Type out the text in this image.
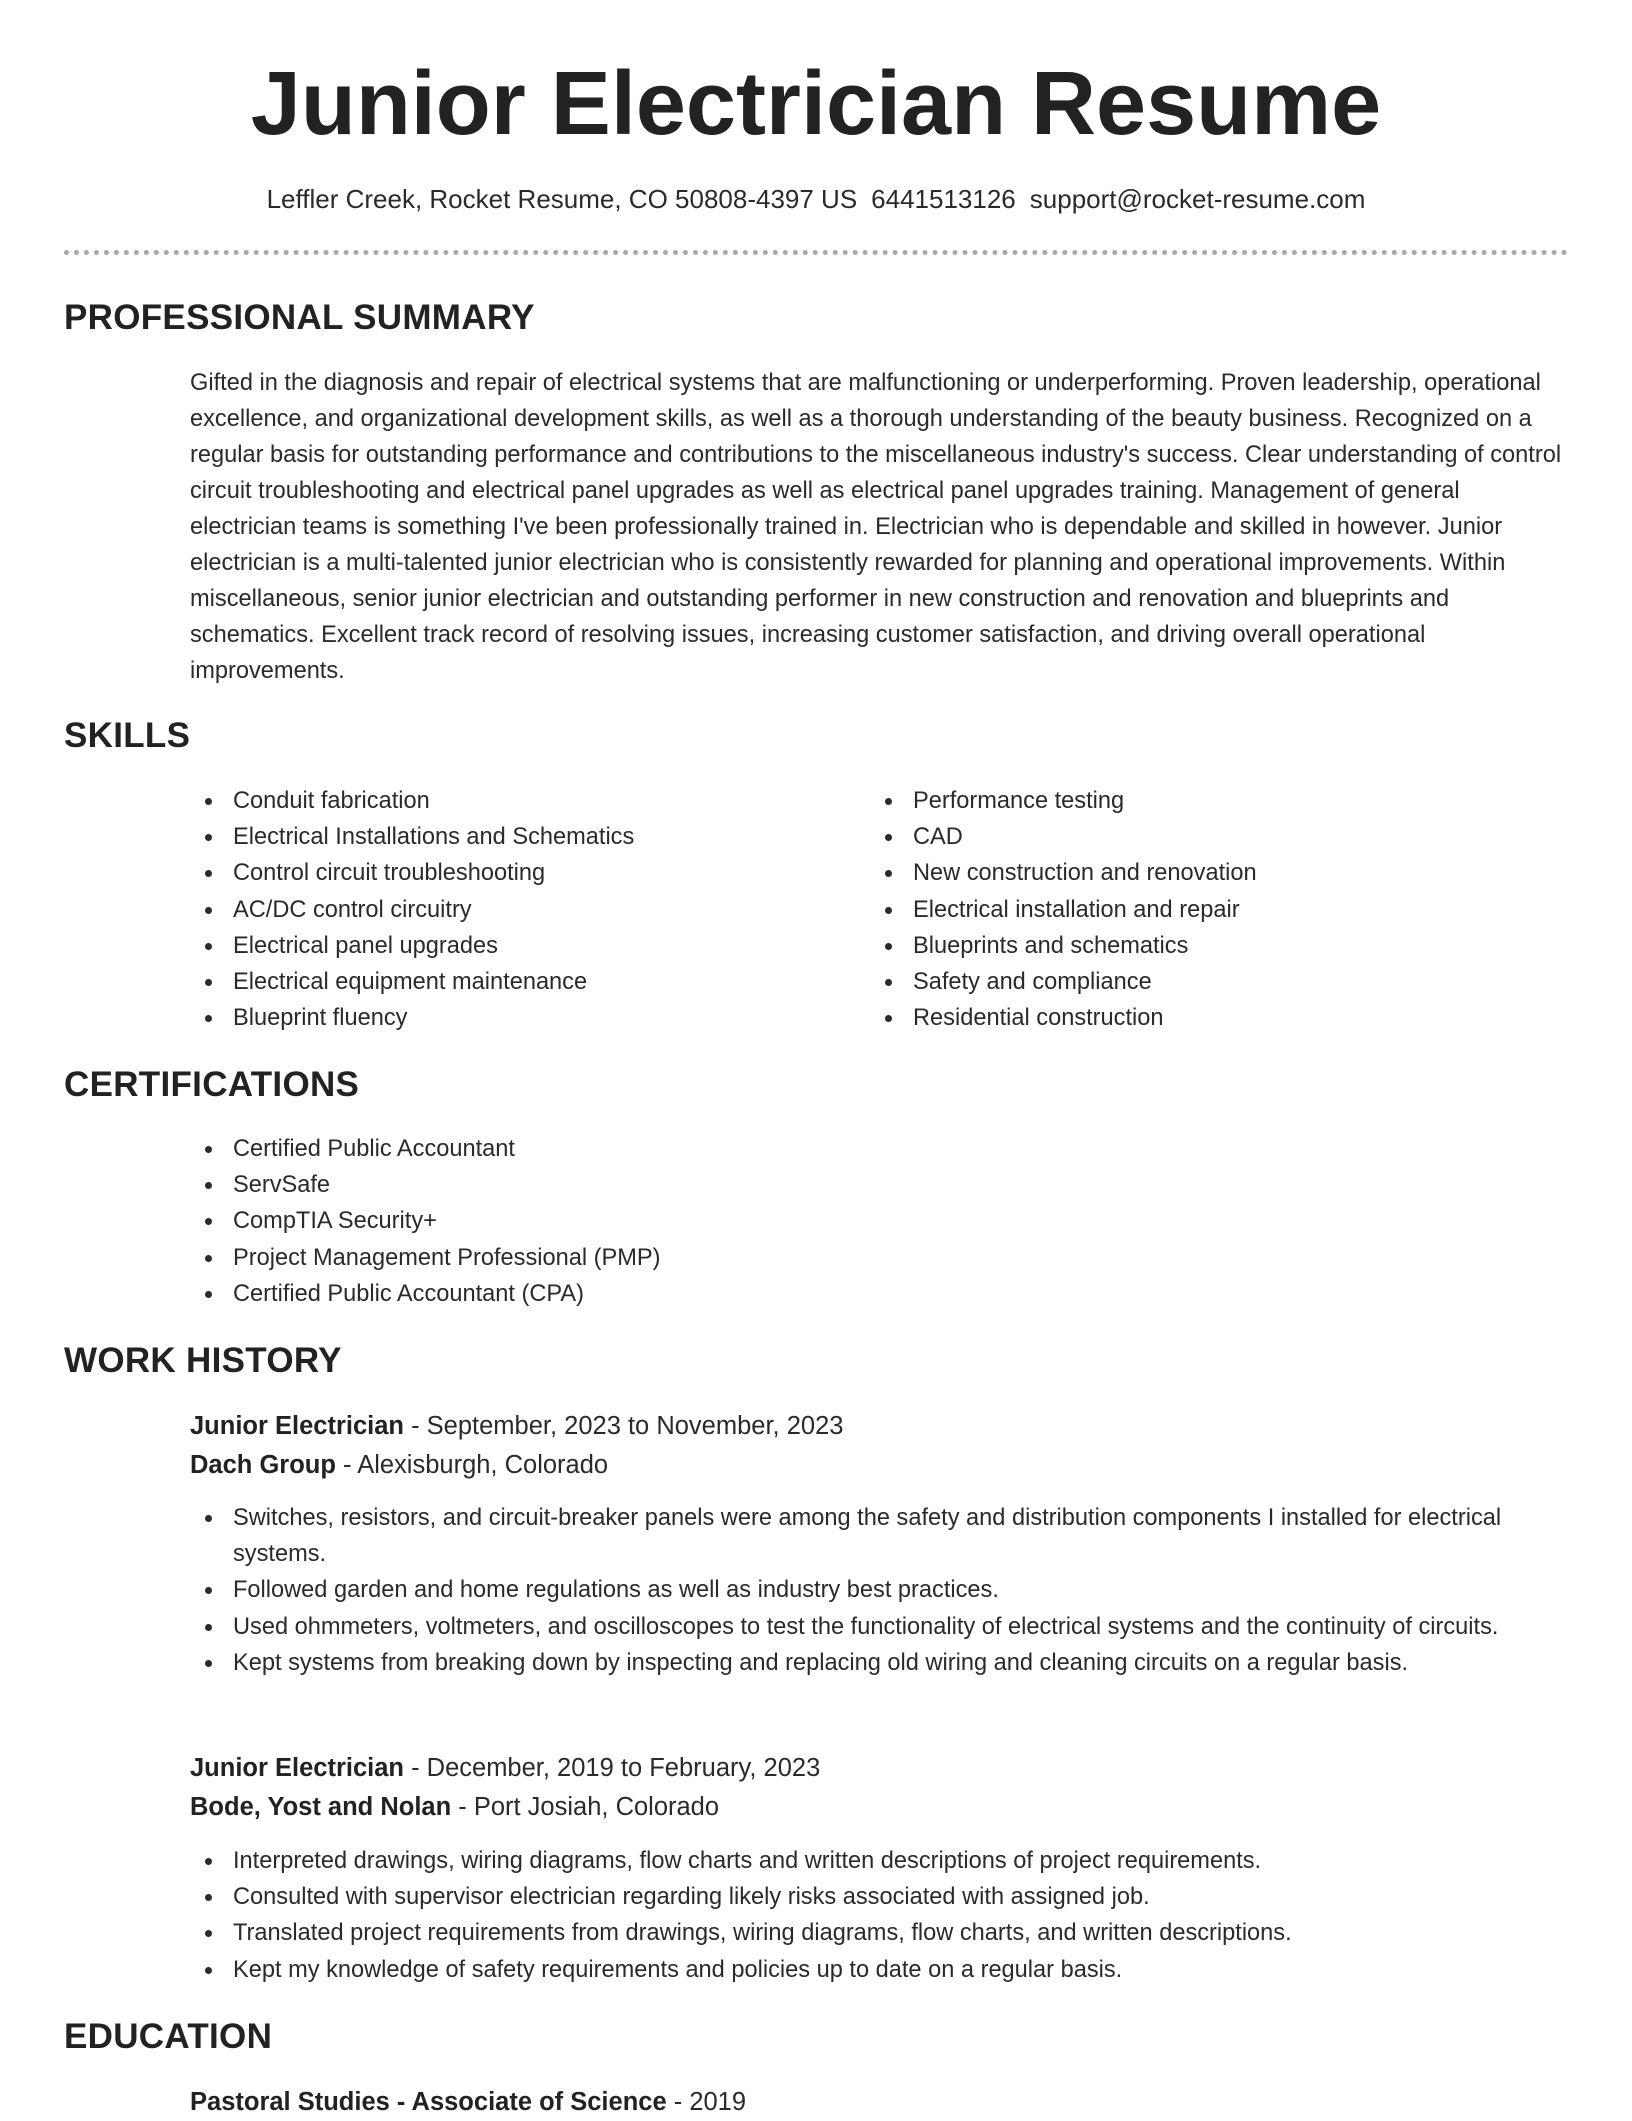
Junior Electrician Resume
Leffler Creek, Rocket Resume, CO 50808-4397 US 6441513126 support@rocket-resume.com
PROFESSIONAL SUMMARY

Gifted in the diagnosis and repair of electrical systems that are malfunctioning or underperforming. Proven leadership, operational excellence, and organizational development skills, as well as a thorough understanding of the beauty business. Recognized on a regular basis for outstanding performance and contributions to the miscellaneous industry's success. Clear understanding of control circuit troubleshooting and electrical panel upgrades as well as electrical panel upgrades training. Management of general electrician teams is something I've been professionally trained in. Electrician who is dependable and skilled in however. Junior electrician is a multi-talented junior electrician who is consistently rewarded for planning and operational improvements. Within miscellaneous, senior junior electrician and outstanding performer in new construction and renovation and blueprints and schematics. Excellent track record of resolving issues, increasing customer satisfaction, and driving overall operational improvements.

SKILLS
Conduit fabrication
Electrical Installations and Schematics
Control circuit troubleshooting
AC/DC control circuitry
Electrical panel upgrades
Electrical equipment maintenance
Blueprint fluency
Performance testing
CAD
New construction and renovation
Electrical installation and repair
Blueprints and schematics
Safety and compliance
Residential construction
CERTIFICATIONS
Certified Public Accountant
ServSafe
CompTIA Security+
Project Management Professional (PMP)
Certified Public Accountant (CPA)
WORK HISTORY
Junior Electrician - September, 2023 to November, 2023
Dach Group - Alexisburgh, Colorado
Switches, resistors, and circuit-breaker panels were among the safety and distribution components I installed for electrical systems.
Followed garden and home regulations as well as industry best practices.
Used ohmmeters, voltmeters, and oscilloscopes to test the functionality of electrical systems and the continuity of circuits.
Kept systems from breaking down by inspecting and replacing old wiring and cleaning circuits on a regular basis.
Junior Electrician - December, 2019 to February, 2023
Bode, Yost and Nolan - Port Josiah, Colorado
Interpreted drawings, wiring diagrams, flow charts and written descriptions of project requirements.
Consulted with supervisor electrician regarding likely risks associated with assigned job.
Translated project requirements from drawings, wiring diagrams, flow charts, and written descriptions.
Kept my knowledge of safety requirements and policies up to date on a regular basis.
EDUCATION
Pastoral Studies - Associate of Science - 2019
